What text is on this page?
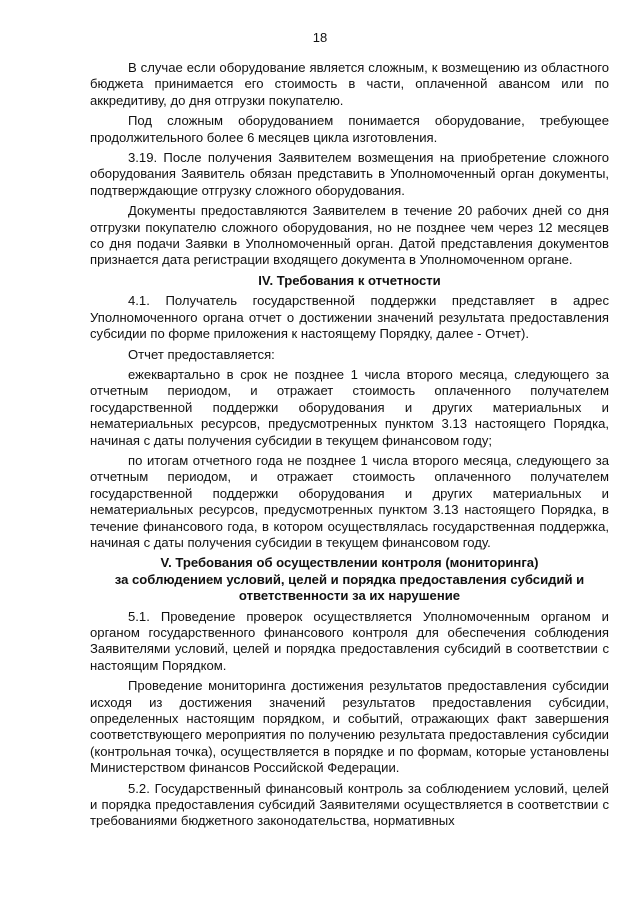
18

В случае если оборудование является сложным, к возмещению из областного бюджета принимается его стоимость в части, оплаченной авансом или по аккредитиву, до дня отгрузки покупателю.

Под сложным оборудованием понимается оборудование, требующее продолжительного более 6 месяцев цикла изготовления.

3.19. После получения Заявителем возмещения на приобретение сложного оборудования Заявитель обязан представить в Уполномоченный орган документы, подтверждающие отгрузку сложного оборудования.

Документы предоставляются Заявителем в течение 20 рабочих дней со дня отгрузки покупателю сложного оборудования, но не позднее чем через 12 месяцев со дня подачи Заявки в Уполномоченный орган. Датой представления документов признается дата регистрации входящего документа в Уполномоченном органе.

IV. Требования к отчетности

4.1. Получатель государственной поддержки представляет в адрес Уполномоченного органа отчет о достижении значений результата предоставления субсидии по форме приложения к настоящему Порядку, далее - Отчет).

Отчет предоставляется:

ежеквартально в срок не позднее 1 числа второго месяца, следующего за отчетным периодом, и отражает стоимость оплаченного получателем государственной поддержки оборудования и других материальных и нематериальных ресурсов, предусмотренных пунктом 3.13 настоящего Порядка, начиная с даты получения субсидии в текущем финансовом году;

по итогам отчетного года не позднее 1 числа второго месяца, следующего за отчетным периодом, и отражает стоимость оплаченного получателем государственной поддержки оборудования и других материальных и нематериальных ресурсов, предусмотренных пунктом 3.13 настоящего Порядка, в течение финансового года, в котором осуществлялась государственная поддержка, начиная с даты получения субсидии в текущем финансовом году.

V. Требования об осуществлении контроля (мониторинга)
за соблюдением условий, целей и порядка предоставления субсидий и
ответственности за их нарушение

5.1. Проведение проверок осуществляется Уполномоченным органом и органом государственного финансового контроля для обеспечения соблюдения Заявителями условий, целей и порядка предоставления субсидий в соответствии с настоящим Порядком.

Проведение мониторинга достижения результатов предоставления субсидии исходя из достижения значений результатов предоставления субсидии, определенных настоящим порядком, и событий, отражающих факт завершения соответствующего мероприятия по получению результата предоставления субсидии (контрольная точка), осуществляется в порядке и по формам, которые установлены Министерством финансов Российской Федерации.

5.2. Государственный финансовый контроль за соблюдением условий, целей и порядка предоставления субсидий Заявителями осуществляется в соответствии с требованиями бюджетного законодательства, нормативных
